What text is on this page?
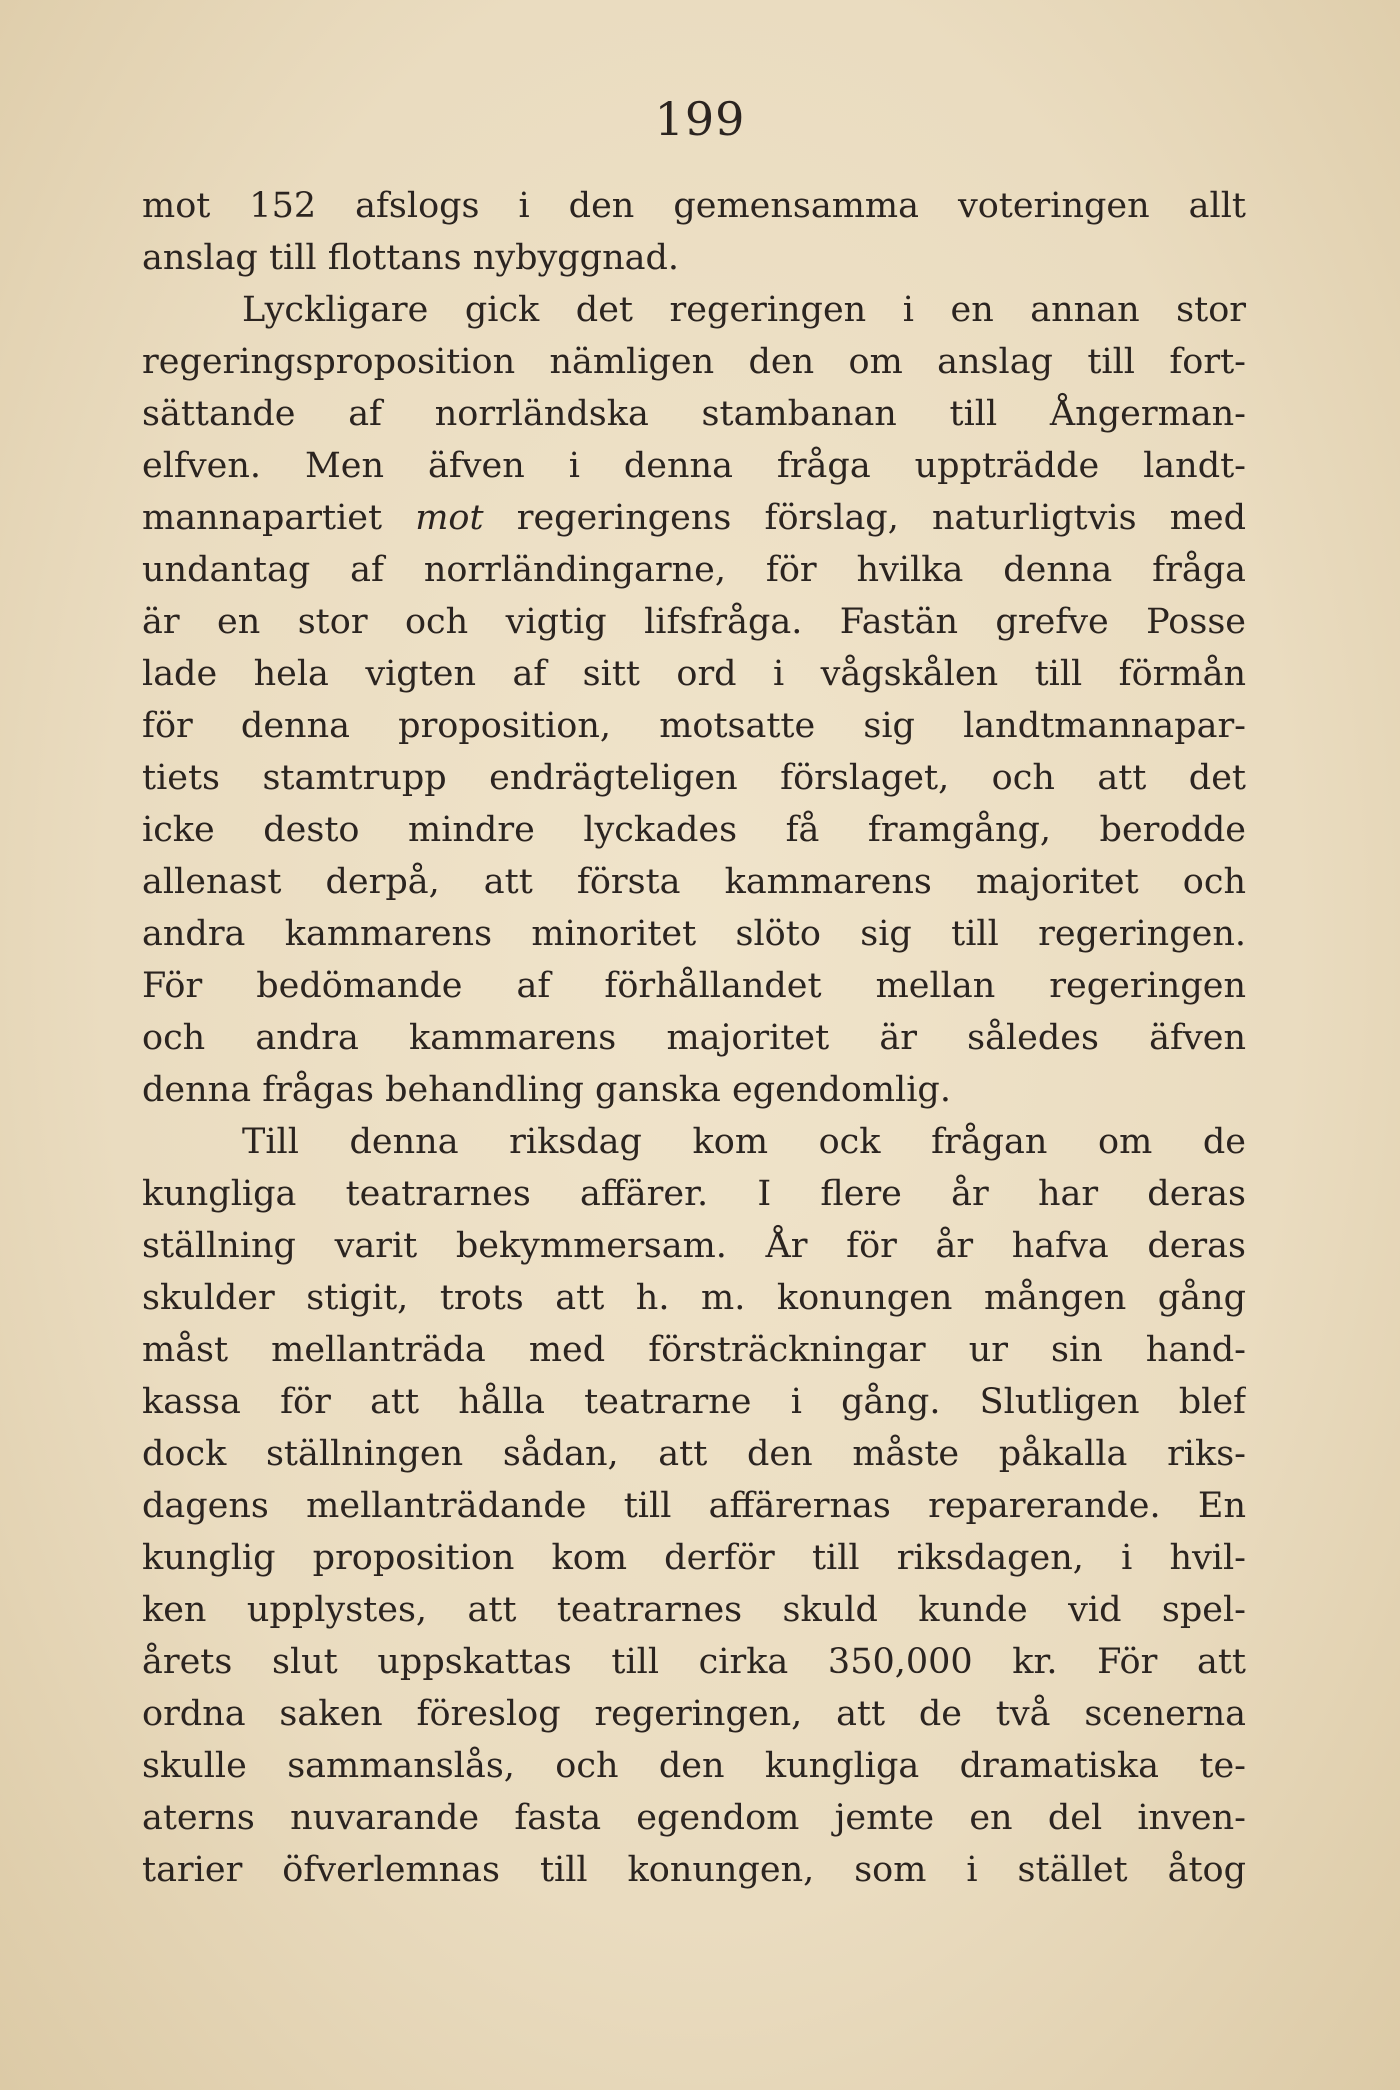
199
mot 152 afslogs i den gemensamma voteringen allt
anslag till flottans nybyggnad.
Lyckligare gick det regeringen i en annan stor
regeringsproposition nämligen den om anslag till fort-
sättande af norrländska stambanan till Ångerman-
elfven. Men äfven i denna fråga uppträdde landt-
mannapartiet mot regeringens förslag, naturligtvis med
undantag af norrländingarne, för hvilka denna fråga
är en stor och vigtig lifsfråga. Fastän grefve Posse
lade hela vigten af sitt ord i vågskålen till förmån
för denna proposition, motsatte sig landtmannapar-
tiets stamtrupp endrägteligen förslaget, och att det
icke desto mindre lyckades få framgång, berodde
allenast derpå, att första kammarens majoritet och
andra kammarens minoritet slöto sig till regeringen.
För bedömande af förhållandet mellan regeringen
och andra kammarens majoritet är således äfven
denna frågas behandling ganska egendomlig.
Till denna riksdag kom ock frågan om de
kungliga teatrarnes affärer. I flere år har deras
ställning varit bekymmersam. År för år hafva deras
skulder stigit, trots att h. m. konungen mången gång
måst mellanträda med försträckningar ur sin hand-
kassa för att hålla teatrarne i gång. Slutligen blef
dock ställningen sådan, att den måste påkalla riks-
dagens mellanträdande till affärernas reparerande. En
kunglig proposition kom derför till riksdagen, i hvil-
ken upplystes, att teatrarnes skuld kunde vid spel-
årets slut uppskattas till cirka 350,000 kr. För att
ordna saken föreslog regeringen, att de två scenerna
skulle sammanslås, och den kungliga dramatiska te-
aterns nuvarande fasta egendom jemte en del inven-
tarier öfverlemnas till konungen, som i stället åtog
